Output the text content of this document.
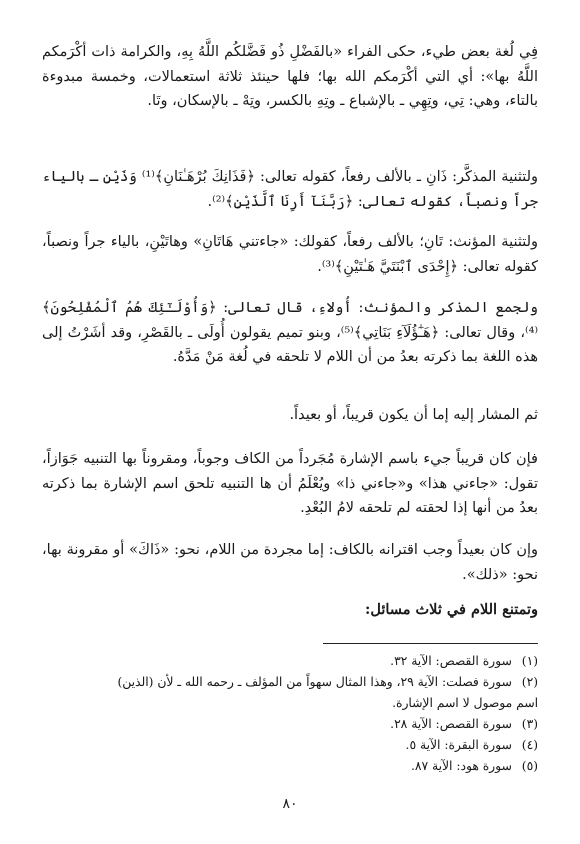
فِي لُغة بعض طيء، حكى الفراء «بالفَضْلِ ذُو فَضَّلكُم اللَّهُ بِهِ، والكرامة ذات أكْرَمكم اللَّهُ بها»: أي التي أكْرَمكم الله بها؛ فلها حينئذ ثلاثة استعمالات، وخمسة مبدوءة بالتاء، وهي: تِي، وتِهِي ـ بالإشباع ـ وتِهِ بالكسر، وتِهْ ـ بالإسكان، وتَا.

ولتثنية المذكَّر: ذَانِ ـ بالألف رفعاً، كقوله تعالى: ﴿فَذَانِكَ بُرْهَـٰنَانِ﴾⁽¹⁾ وَذَيْنِ ـ بالياء جراً ونصباً، كقوله تعالى: ﴿رَبَّنَآ أَرِنَا ٱلَّذَيْنِ﴾⁽²⁾.

ولتثنية المؤنث: تَانِ؛ بالألف رفعاً، كقولك: «جاءتني هَاتَانِ» وهاتَيْنِ، بالياء جراً ونصباً، كقوله تعالى: ﴿إِحْدَى ٱبْنَتَيَّ هَـٰتَيْنِ﴾⁽³⁾.

ولجمع المذكر والمؤنث: أُولاءِ، قال تعالى: ﴿وَأُوْلَـٰٓئِكَ هُمُ ٱلْمُفْلِحُونَ﴾⁽⁴⁾، وقال تعالى: ﴿هَـٰٓؤُلَآءِ بَنَاتِي﴾⁽⁵⁾، وبنو تميم يقولون أُولَى ـ بالقَصْرِ، وقد أشَرْتُ إلى هذه اللغة بما ذكرته بعدُ من أن اللام لا تلحقه في لُغة مَنْ مَدَّهُ.

ثم المشار إليه إما أن يكون قريباً، أو بعيداً.

فإن كان قريباً جيء باسم الإشارة مُجَرداً من الكاف وجوباً، ومقروناً بها التنبيه جَوَازاً، تقول: «جاءني هذا» و«جاءني ذا» ويُعْلَمُ أن ها التنبيه تلحق اسم الإشارة بما ذكرته بعدُ من أنها إذا لحقته لم تلحقه لامُ البُعْدِ.

وإن كان بعيداً وجب اقترانه بالكاف: إما مجردة من اللام، نحو: «ذَاكَ» أو مقرونة بها، نحو: «ذلك».

وتمتنع اللام في ثلاث مسائل:

(١)سورة القصص: الآية ٣٢.

(٢)سورة فصلت: الآية ٢٩، وهذا المثال سهواً من المؤلف ـ رحمه الله ـ لأن (الذين)

اسم موصول لا اسم الإشارة.

(٣)سورة القصص: الآية ٢٨.

(٤)سورة البقرة: الآية ٥.

(٥)سورة هود: الآية ٨٧.

٨٠
